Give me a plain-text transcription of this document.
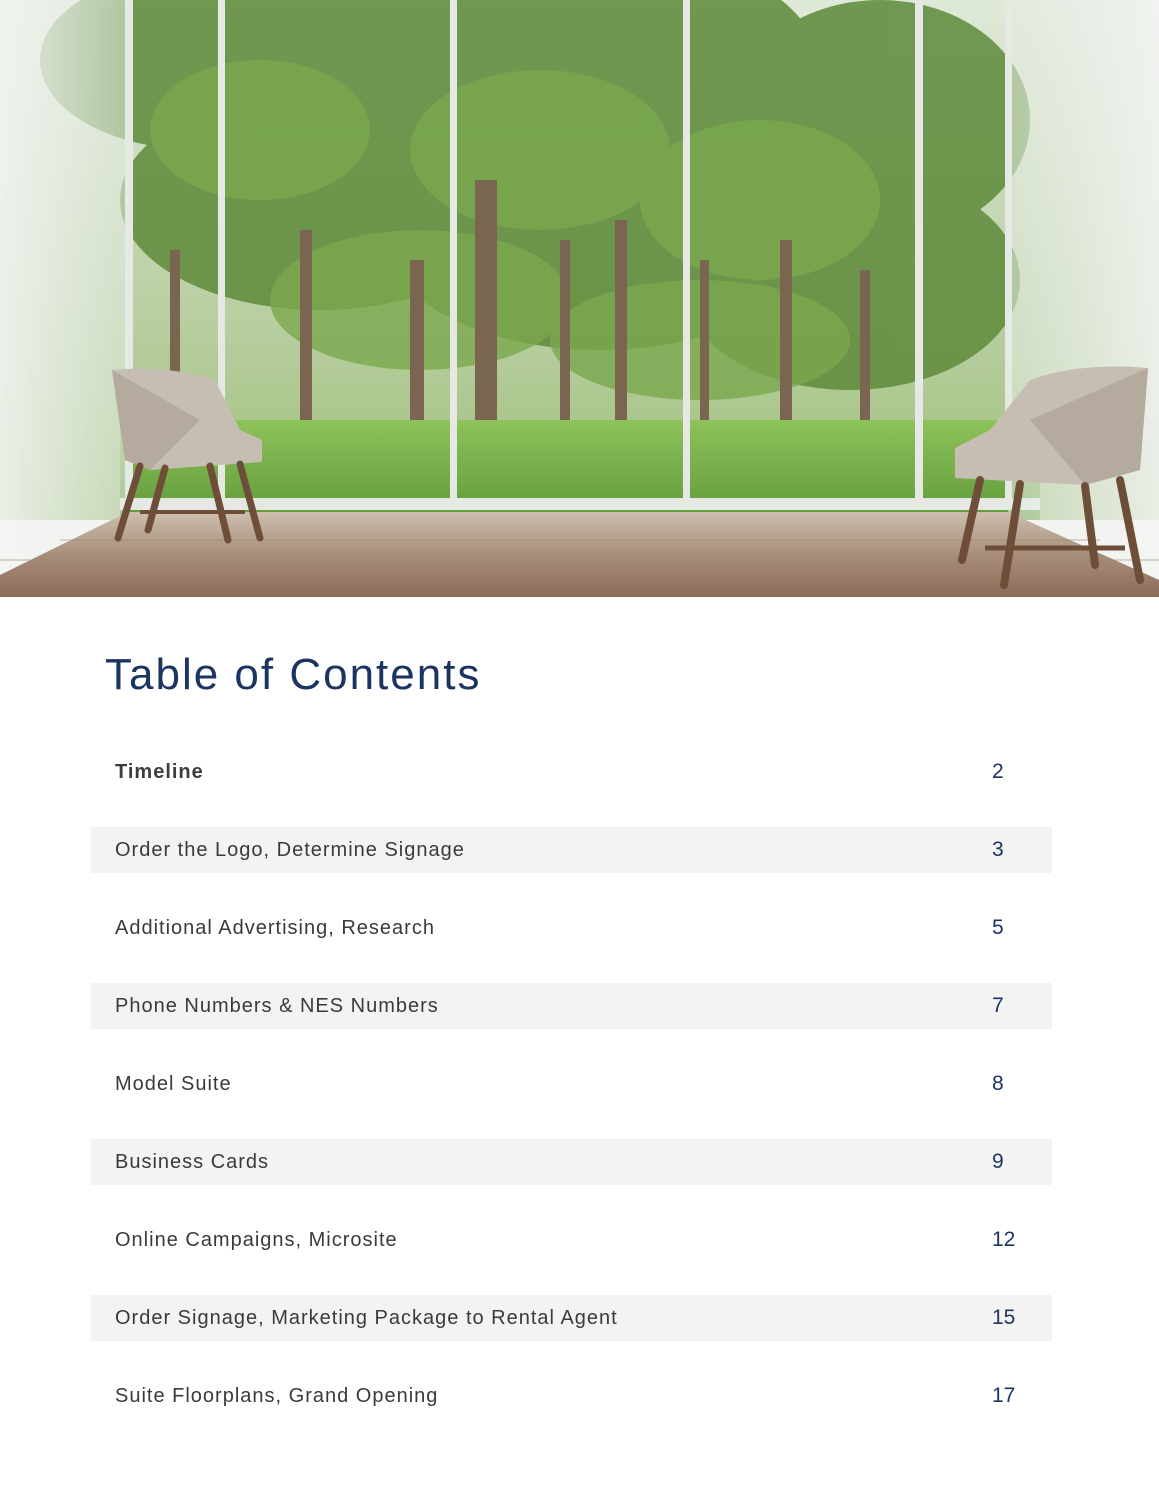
Table of Contents
Timeline	2
Order the Logo, Determine Signage	3
Additional Advertising, Research	5
Phone Numbers & NES Numbers	7
Model Suite	8
Business Cards	9
Online Campaigns, Microsite	12
Order Signage, Marketing Package to Rental Agent	15
Suite Floorplans, Grand Opening	17
